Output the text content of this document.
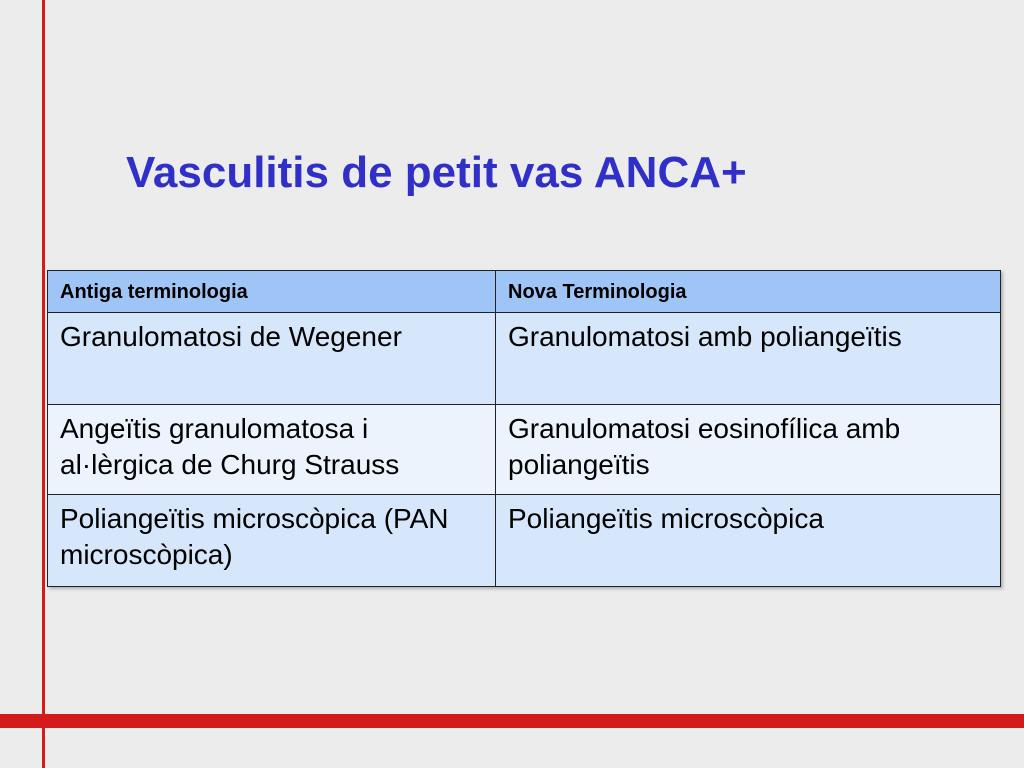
Vasculitis de petit vas ANCA+
Antiga terminologia	Nova Terminologia
Granulomatosi de Wegener	Granulomatosi amb poliangeïtis
Angeïtis granulomatosa i al·lèrgica de Churg Strauss	Granulomatosi eosinofílica amb poliangeïtis
Poliangeïtis microscòpica (PAN microscòpica)	Poliangeïtis microscòpica
